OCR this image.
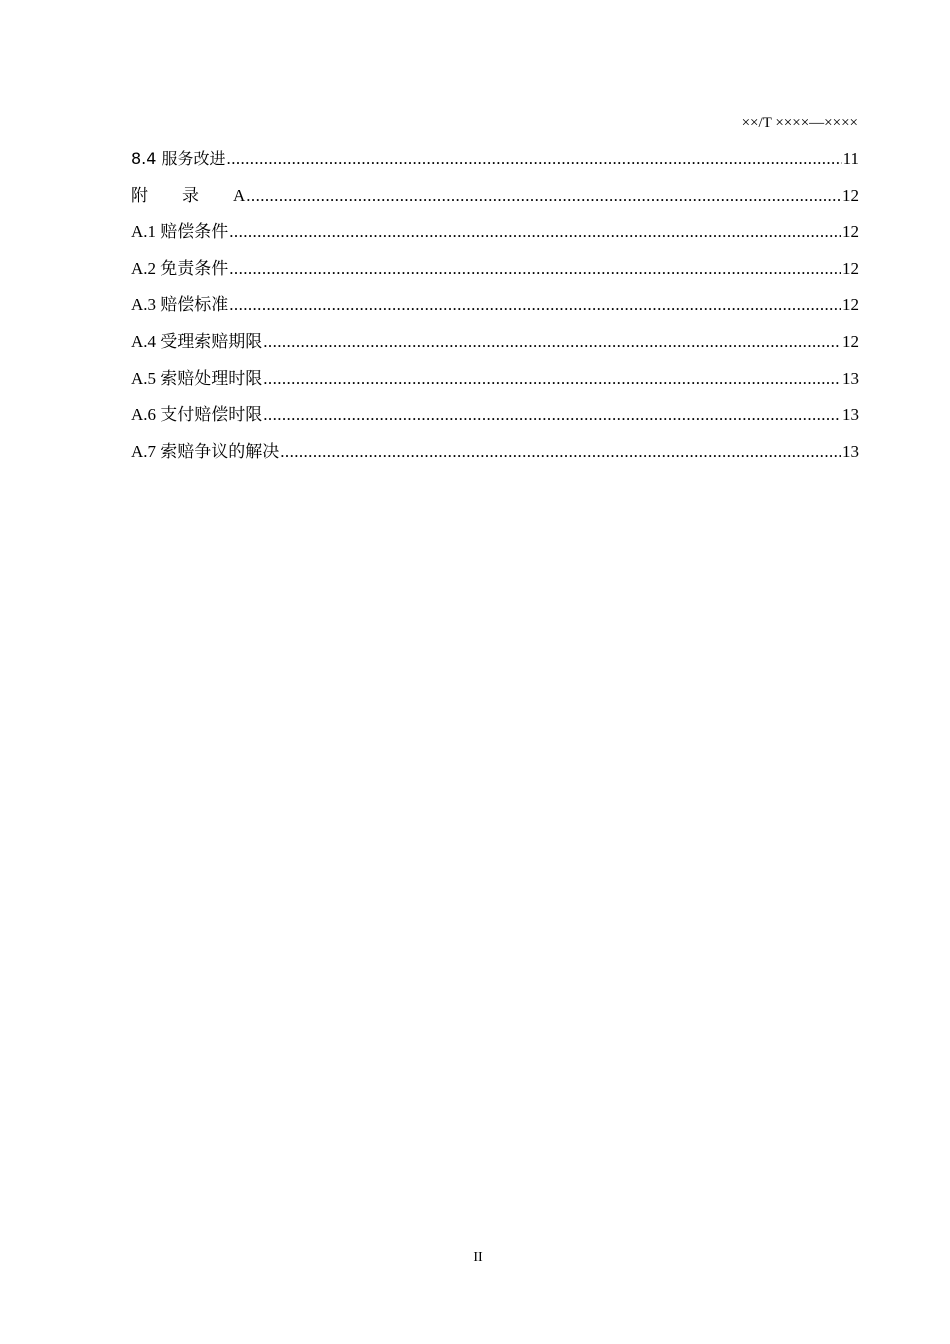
××/T ××××—××××
8.4 服务改进 .....	11
附　　录　　A .....	12
A.1 赔偿条件 .....	12
A.2 免责条件 .....	12
A.3 赔偿标准 .....	12
A.4 受理索赔期限 .....	12
A.5 索赔处理时限 .....	13
A.6 支付赔偿时限 .....	13
A.7 索赔争议的解决 .....	13
II
